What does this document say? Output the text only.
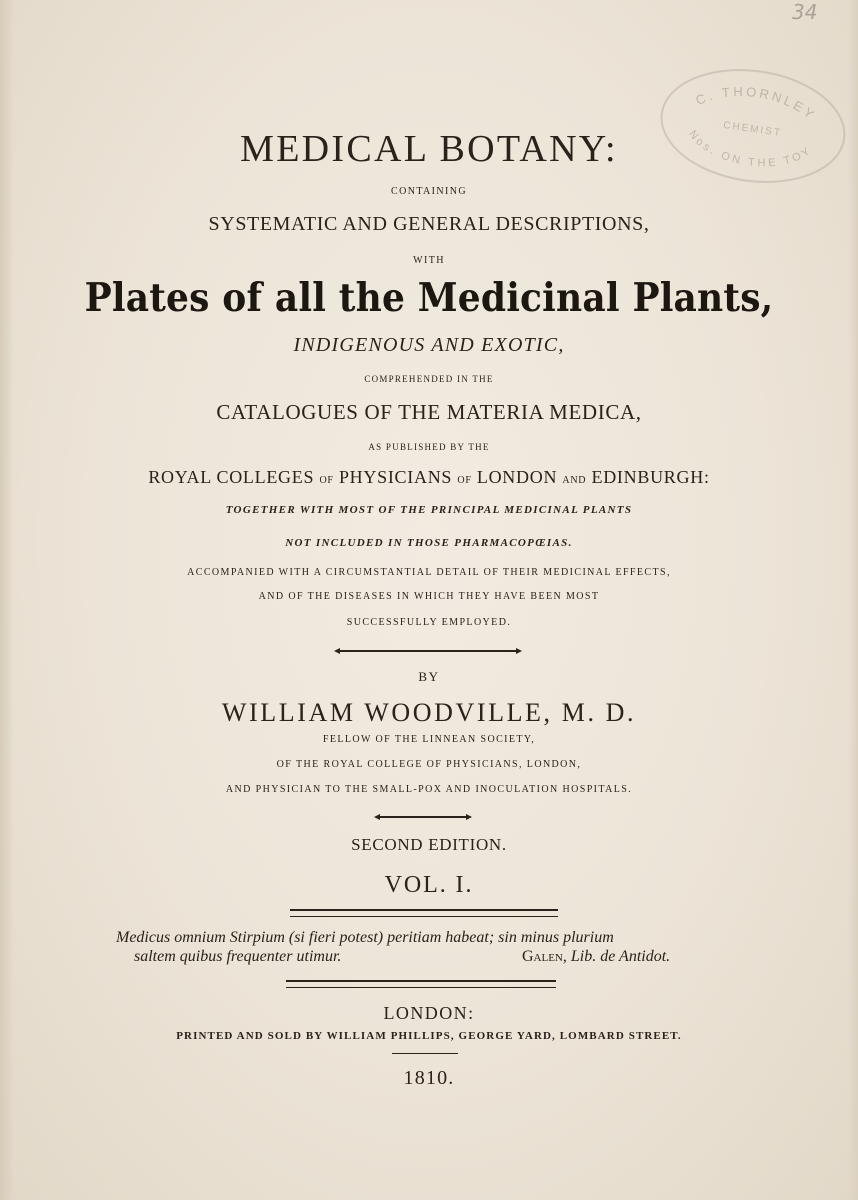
34
C. THORNLEY
CHEMIST
Nos. ON THE TOY
MEDICAL BOTANY:
CONTAINING
SYSTEMATIC AND GENERAL DESCRIPTIONS,
WITH
Plates of all the Medicinal Plants,
INDIGENOUS AND EXOTIC,
COMPREHENDED IN THE
CATALOGUES OF THE MATERIA MEDICA,
AS PUBLISHED BY THE
ROYAL COLLEGES OF PHYSICIANS OF LONDON AND EDINBURGH:
TOGETHER WITH MOST OF THE PRINCIPAL MEDICINAL PLANTS
NOT INCLUDED IN THOSE PHARMACOPŒIAS.
ACCOMPANIED WITH A CIRCUMSTANTIAL DETAIL OF THEIR MEDICINAL EFFECTS,
AND OF THE DISEASES IN WHICH THEY HAVE BEEN MOST
SUCCESSFULLY EMPLOYED.
BY
WILLIAM WOODVILLE, M. D.
FELLOW OF THE LINNEAN SOCIETY,
OF THE ROYAL COLLEGE OF PHYSICIANS, LONDON,
AND PHYSICIAN TO THE SMALL-POX AND INOCULATION HOSPITALS.
SECOND EDITION.
VOL. I.
Medicus omnium Stirpium (si fieri potest) peritiam habeat; sin minus plurium
saltem quibus frequenter utimur.	Galen, Lib. de Antidot.
LONDON:
PRINTED AND SOLD BY WILLIAM PHILLIPS, GEORGE YARD, LOMBARD STREET.
1810.
